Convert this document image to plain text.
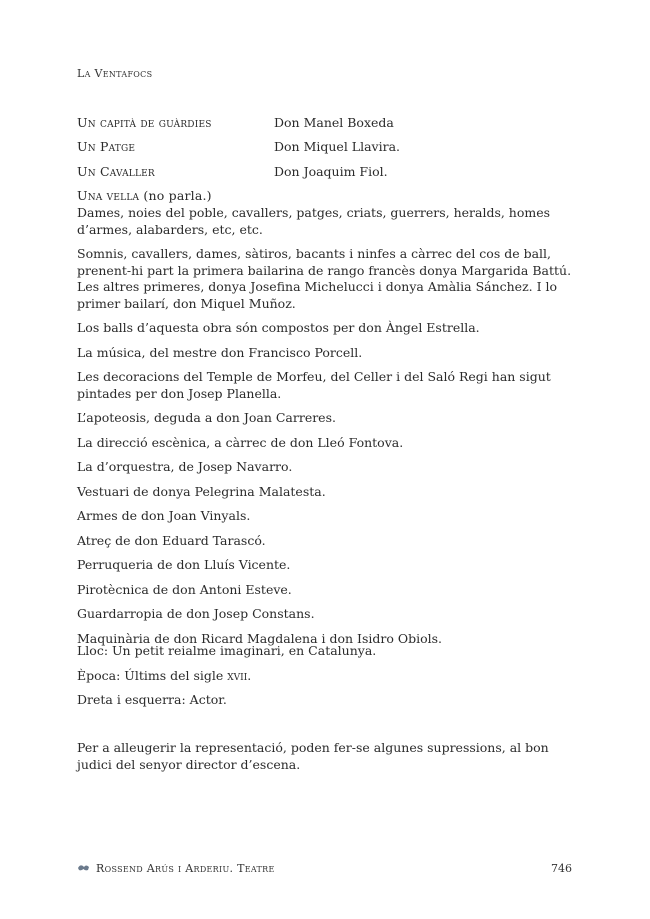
La Ventafocs
Un capità de guàrdies	Don Manel Boxeda
Un Patge	Don Miquel Llavira.
Un Cavaller	Don Joaquim Fiol.
Una vella (no parla.)

Dames, noies del poble, cavallers, patges, criats, guerrers, heralds, homes d’armes, alabarders, etc, etc.

Somnis, cavallers, dames, sàtiros, bacants i ninfes a càrrec del cos de ball, prenent-hi part la primera bailarina de rango francès donya Margarida Battú. Les altres primeres, donya Josefina Michelucci i donya Amàlia Sánchez. I lo primer bailarí, don Miquel Muñoz.

Los balls d’aquesta obra són compostos per don Àngel Estrella.

La música, del mestre don Francisco Porcell.

Les decoracions del Temple de Morfeu, del Celler i del Saló Regi han sigut pintades per don Josep Planella.

L’apoteosis, deguda a don Joan Carreres.

La direcció escènica, a càrrec de don Lleó Fontova.

La d’orquestra, de Josep Navarro.

Vestuari de donya Pelegrina Malatesta.

Armes de don Joan Vinyals.

Atreç de don Eduard Tarascó.

Perruqueria de don Lluís Vicente.

Pirotècnica de don Antoni Esteve.

Guardarropia de don Josep Constans.

Maquinària de don Ricard Magdalena i don Isidro Obiols.

Lloc: Un petit reialme imaginari, en Catalunya.

Època: Últims del sigle xvii.

Dreta i esquerra: Actor.

Per a alleugerir la representació, poden fer-se algunes supressions, al bon judici del senyor director d’escena.

Rossend Arús i Arderiu. Teatre	746
